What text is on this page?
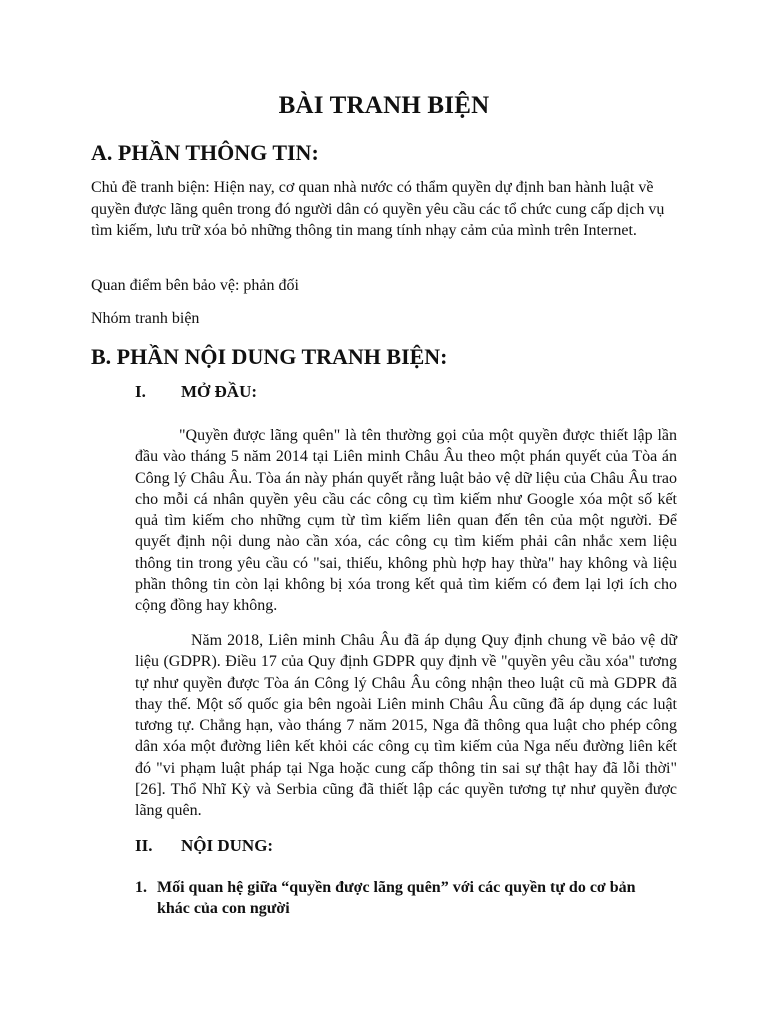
BÀI TRANH BIỆN
A. PHẦN THÔNG TIN:

Chủ đề tranh biện: Hiện nay, cơ quan nhà nước có thẩm quyền dự định ban hành luật về quyền được lãng quên trong đó người dân có quyền yêu cầu các tổ chức cung cấp dịch vụ tìm kiếm, lưu trữ xóa bỏ những thông tin mang tính nhạy cảm của mình trên Internet.

Quan điểm bên bảo vệ: phản đối

Nhóm tranh biện

B. PHẦN NỘI DUNG TRANH BIỆN:
I. MỞ ĐẦU:

"Quyền được lãng quên" là tên thường gọi của một quyền được thiết lập lần đầu vào tháng 5 năm 2014 tại Liên minh Châu Âu theo một phán quyết của Tòa án Công lý Châu Âu. Tòa án này phán quyết rằng luật bảo vệ dữ liệu của Châu Âu trao cho mỗi cá nhân quyền yêu cầu các công cụ tìm kiếm như Google xóa một số kết quả tìm kiếm cho những cụm từ tìm kiếm liên quan đến tên của một người. Để quyết định nội dung nào cần xóa, các công cụ tìm kiếm phải cân nhắc xem liệu thông tin trong yêu cầu có "sai, thiếu, không phù hợp hay thừa" hay không và liệu phần thông tin còn lại không bị xóa trong kết quả tìm kiếm có đem lại lợi ích cho cộng đồng hay không.

Năm 2018, Liên minh Châu Âu đã áp dụng Quy định chung về bảo vệ dữ liệu (GDPR). Điều 17 của Quy định GDPR quy định về "quyền yêu cầu xóa" tương tự như quyền được Tòa án Công lý Châu Âu công nhận theo luật cũ mà GDPR đã thay thế. Một số quốc gia bên ngoài Liên minh Châu Âu cũng đã áp dụng các luật tương tự. Chẳng hạn, vào tháng 7 năm 2015, Nga đã thông qua luật cho phép công dân xóa một đường liên kết khỏi các công cụ tìm kiếm của Nga nếu đường liên kết đó "vi phạm luật pháp tại Nga hoặc cung cấp thông tin sai sự thật hay đã lỗi thời" [26]. Thổ Nhĩ Kỳ và Serbia cũng đã thiết lập các quyền tương tự như quyền được lãng quên.

II. NỘI DUNG:
1. Mối quan hệ giữa “quyền được lãng quên” với các quyền tự do cơ bản khác của con người
